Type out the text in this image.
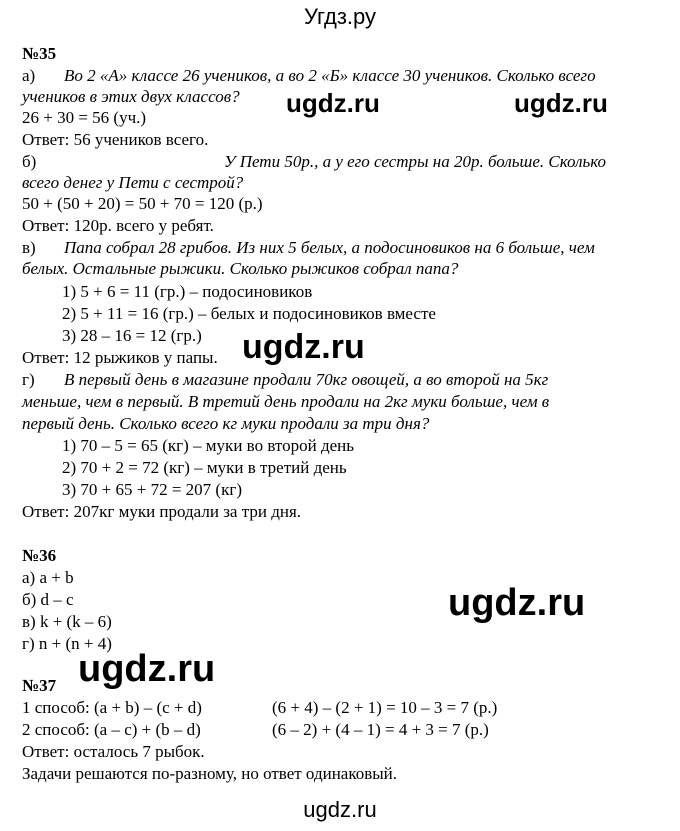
Угдз.ру
ugdz.ru	ugdz.ru
ugdz.ru
ugdz.ru
ugdz.ru
№35
а) Во 2 «А» классе 26 учеников, а во 2 «Б» классе 30 учеников. Сколько всего
учеников в этих двух классов?
26 + 30 = 56 (уч.)
Ответ: 56 учеников всего.
б)	У Пети 50р., а у его сестры на 20р. больше. Сколько
всего денег у Пети с сестрой?
50 + (50 + 20) = 50 + 70 = 120 (р.)
Ответ: 120р. всего у ребят.
в) Папа собрал 28 грибов. Из них 5 белых, а подосиновиков на 6 больше, чем
белых. Остальные рыжики. Сколько рыжиков собрал папа?
1) 5 + 6 = 11 (гр.) – подосиновиков
2) 5 + 11 = 16 (гр.) – белых и подосиновиков вместе
3) 28 – 16 = 12 (гр.)
Ответ: 12 рыжиков у папы.
г) В первый день в магазине продали 70кг овощей, а во второй на 5кг
меньше, чем в первый. В третий день продали на 2кг муки больше, чем в
первый день. Сколько всего кг муки продали за три дня?
1) 70 – 5 = 65 (кг) – муки во второй день
2) 70 + 2 = 72 (кг) – муки в третий день
3) 70 + 65 + 72 = 207 (кг)
Ответ: 207кг муки продали за три дня.
№36
а) a + b
б) d – c
в) k + (k – 6)
г) n + (n + 4)
№37
1 способ: (a + b) – (c + d)	(6 + 4) – (2 + 1) = 10 – 3 = 7 (р.)
2 способ: (a – c) + (b – d)	(6 – 2) + (4 – 1) = 4 + 3 = 7 (р.)
Ответ: осталось 7 рыбок.
Задачи решаются по-разному, но ответ одинаковый.
ugdz.ru
